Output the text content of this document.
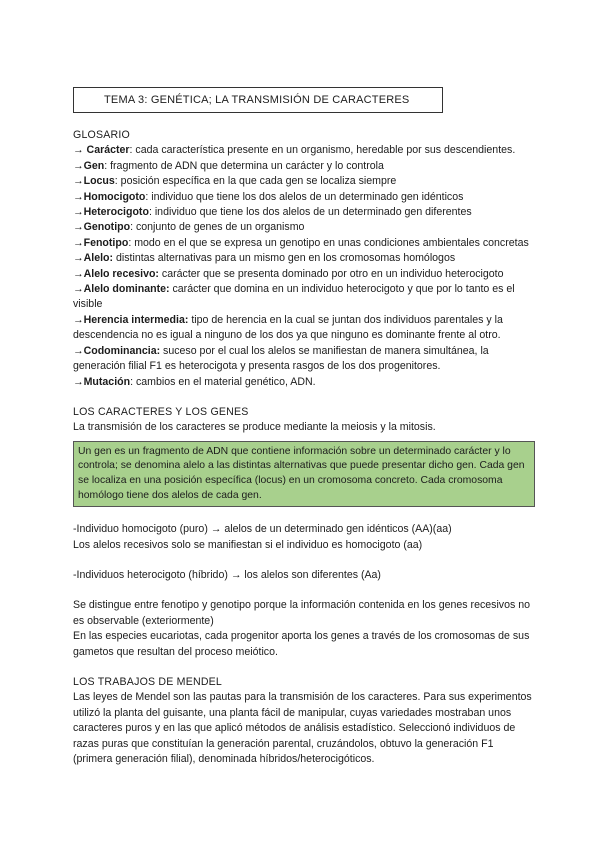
TEMA 3: GENÉTICA; LA TRANSMISIÓN DE CARACTERES

GLOSARIO

→ Carácter: cada característica presente en un organismo, heredable por sus descendientes.

→Gen: fragmento de ADN que determina un carácter y lo controla

→Locus: posición específica en la que cada gen se localiza siempre

→Homocigoto: individuo que tiene los dos alelos de un determinado gen idénticos

→Heterocigoto: individuo que tiene los dos alelos de un determinado gen diferentes

→Genotipo: conjunto de genes de un organismo

→Fenotipo: modo en el que se expresa un genotipo en unas condiciones ambientales concretas

→Alelo: distintas alternativas para un mismo gen en los cromosomas homólogos

→Alelo recesivo: carácter que se presenta dominado por otro en un individuo heterocigoto

→Alelo dominante: carácter que domina en un individuo heterocigoto y que por lo tanto es el visible

→Herencia intermedia: tipo de herencia en la cual se juntan dos individuos parentales y la descendencia no es igual a ninguno de los dos ya que ninguno es dominante frente al otro.

→Codominancia: suceso por el cual los alelos se manifiestan de manera simultánea, la generación filial F1 es heterocigota y presenta rasgos de los dos progenitores.

→Mutación: cambios en el material genético, ADN.

LOS CARACTERES Y LOS GENES

La transmisión de los caracteres se produce mediante la meiosis y la mitosis.

Un gen es un fragmento de ADN que contiene información sobre un determinado carácter y lo controla; se denomina alelo a las distintas alternativas que puede presentar dicho gen. Cada gen se localiza en una posición específica (locus) en un cromosoma concreto. Cada cromosoma homólogo tiene dos alelos de cada gen.

-Individuo homocigoto (puro) → alelos de un determinado gen idénticos (AA)(aa)

Los alelos recesivos solo se manifiestan si el individuo es homocigoto (aa)

-Individuos heterocigoto (híbrido) → los alelos son diferentes (Aa)

Se distingue entre fenotipo y genotipo porque la información contenida en los genes recesivos no es observable (exteriormente)

En las especies eucariotas, cada progenitor aporta los genes a través de los cromosomas de sus gametos que resultan del proceso meiótico.

LOS TRABAJOS DE MENDEL

Las leyes de Mendel son las pautas para la transmisión de los caracteres. Para sus experimentos utilizó la planta del guisante, una planta fácil de manipular, cuyas variedades mostraban unos caracteres puros y en las que aplicó métodos de análisis estadístico. Seleccionó individuos de razas puras que constituían la generación parental, cruzándolos, obtuvo la generación F1 (primera generación filial), denominada híbridos/heterocigóticos.
